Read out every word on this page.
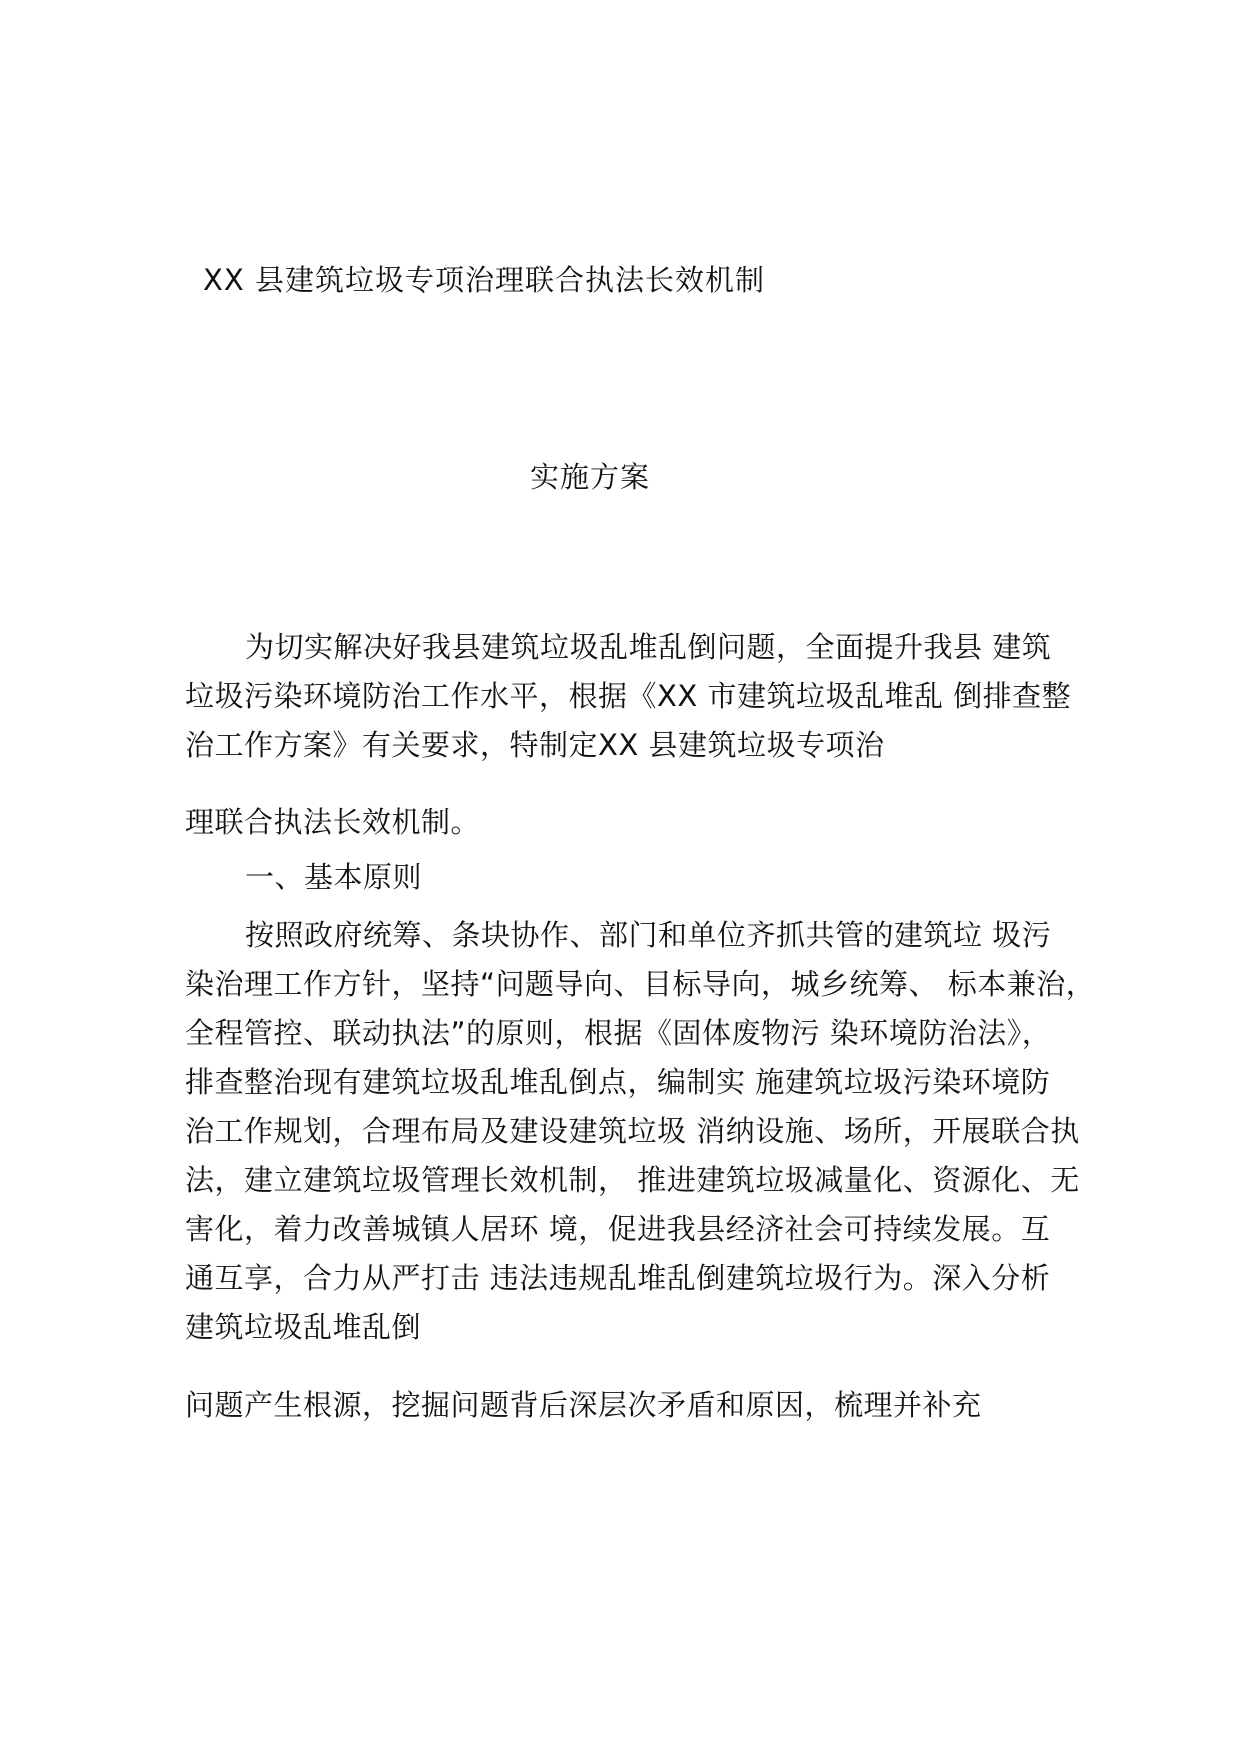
XX 县建筑垃圾专项治理联合执法长效机制
实施方案
为切实解决好我县建筑垃圾乱堆乱倒问题，全面提升我县 建筑
垃圾污染环境防治工作水平，根据《XX 市建筑垃圾乱堆乱 倒排查整
治工作方案》有关要求，特制定XX 县建筑垃圾专项治
理联合执法长效机制。
一、基本原则
按照政府统筹、条块协作、部门和单位齐抓共管的建筑垃 圾污
染治理工作方针，坚持“问题导向、目标导向，城乡统筹、 标本兼治，
全程管控、联动执法”的原则，根据《固体废物污 染环境防治法》，
排查整治现有建筑垃圾乱堆乱倒点，编制实 施建筑垃圾污染环境防
治工作规划，合理布局及建设建筑垃圾 消纳设施、场所，开展联合执
法，建立建筑垃圾管理长效机制， 推进建筑垃圾减量化、资源化、无
害化，着力改善城镇人居环 境，促进我县经济社会可持续发展。互
通互享，合力从严打击 违法违规乱堆乱倒建筑垃圾行为。深入分析
建筑垃圾乱堆乱倒
问题产生根源，挖掘问题背后深层次矛盾和原因，梳理并补充
